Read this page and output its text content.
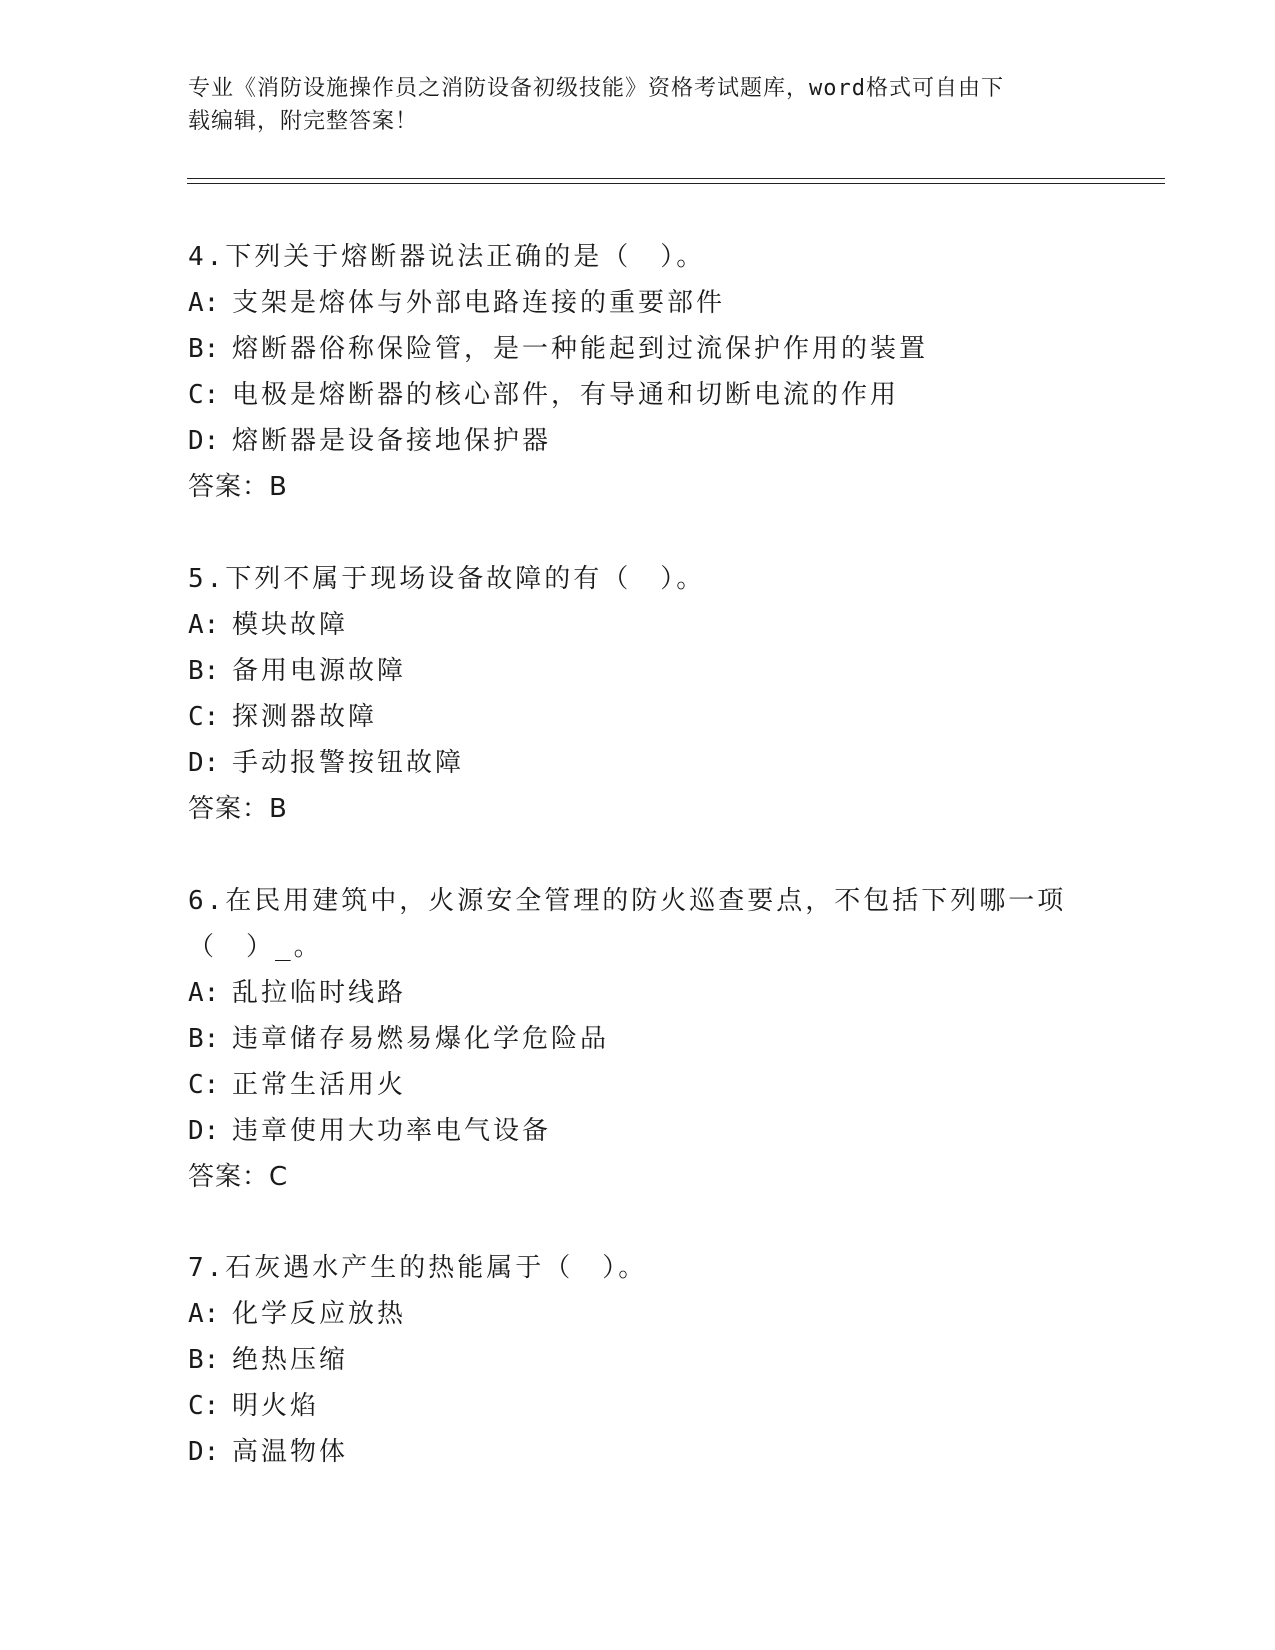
专业《消防设施操作员之消防设备初级技能》资格考试题库，word格式可自由下
载编辑，附完整答案！

4.下列关于熔断器说法正确的是（　）。

A: 支架是熔体与外部电路连接的重要部件

B: 熔断器俗称保险管，是一种能起到过流保护作用的装置

C: 电极是熔断器的核心部件，有导通和切断电流的作用

D: 熔断器是设备接地保护器

答案：B

5.下列不属于现场设备故障的有（　）。

A: 模块故障

B: 备用电源故障

C: 探测器故障

D: 手动报警按钮故障

答案：B

6.在民用建筑中，火源安全管理的防火巡查要点，不包括下列哪一项（　）_。

A: 乱拉临时线路

B: 违章储存易燃易爆化学危险品

C: 正常生活用火

D: 违章使用大功率电气设备

答案：C

7.石灰遇水产生的热能属于（　）。

A: 化学反应放热

B: 绝热压缩

C: 明火焰

D: 高温物体
